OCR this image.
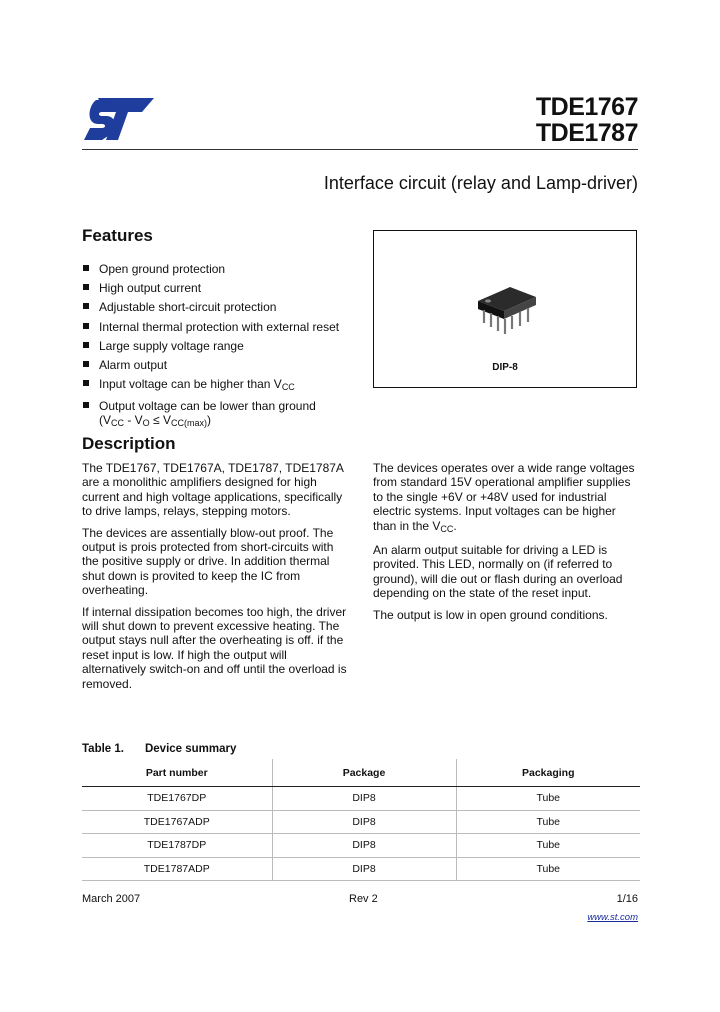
TDE1767
TDE1787
Interface circuit (relay and Lamp-driver)
Features
Open ground protection
High output current
Adjustable short-circuit protection
Internal thermal protection with external reset
Large supply voltage range
Alarm output
Input voltage can be higher than $V_{CC}$
Output voltage can be lower than ground
$(V_{CC} - V_O \le V_{CC(max)})$
DIP-8
Description

The TDE1767, TDE1767A, TDE1787, TDE1787A are a monolithic amplifiers designed for high current and high voltage applications, specifically to drive lamps, relays, stepping motors.

The devices are assentially blow-out proof. The output is prois protected from short-circuits with the positive supply or drive. In addition thermal shut down is provited to keep the IC from overheating.

If internal dissipation becomes too high, the driver will shut down to prevent excessive heating. The output stays null after the overheating is off. if the reset input is low. If high the output will alternatively switch-on and off until the overload is removed.

The devices operates over a wide range voltages from standard 15V operational amplifier supplies to the single +6V or +48V used for industrial electric systems. Input voltages can be higher than in the $V_{CC}$.

An alarm output suitable for driving a LED is provited. This LED, normally on (if referred to ground), will die out or flash during an overload depending on the state of the reset input.

The output is low in open ground conditions.

Table 1. Device summary
Part number	Package	Packaging
TDE1767DP	DIP8	Tube
TDE1767ADP	DIP8	Tube
TDE1787DP	DIP8	Tube
TDE1787ADP	DIP8	Tube
March 2007	Rev 2	1/16
www.st.com
